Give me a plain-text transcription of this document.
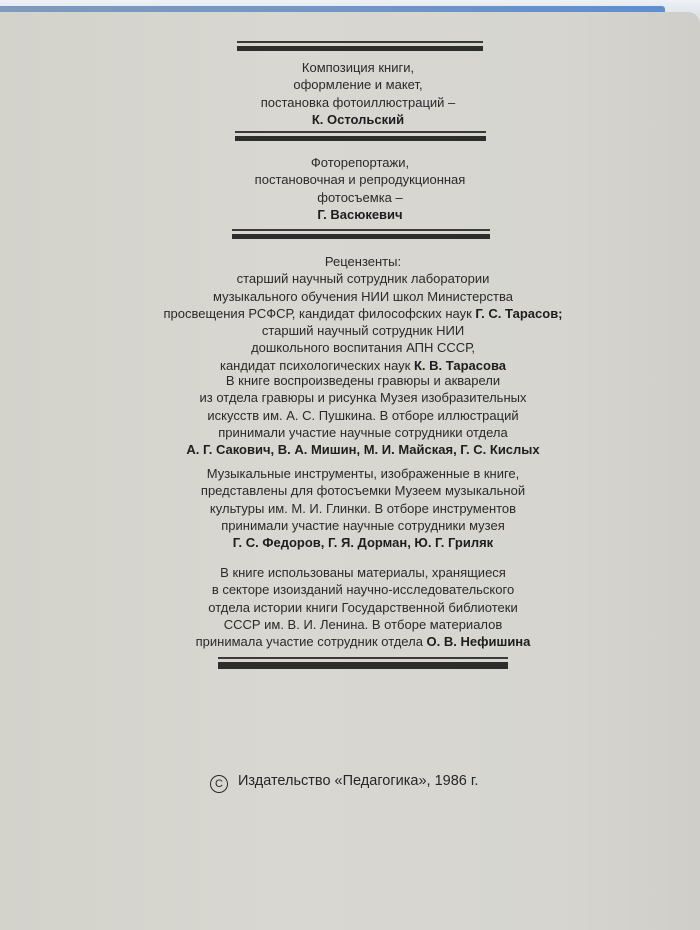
Композиция книги,
оформление и макет,
постановка фотоиллюстраций –
К. Остольский
Фоторепортажи,
постановочная и репродукционная
фотосъемка –
Г. Васюкевич
Рецензенты:
старший научный сотрудник лаборатории
музыкального обучения НИИ школ Министерства
просвещения РСФСР, кандидат философских наук Г. С. Тарасов;
старший научный сотрудник НИИ
дошкольного воспитания АПН СССР,
кандидат психологических наук К. В. Тарасова
В книге воспроизведены гравюры и акварели
из отдела гравюры и рисунка Музея изобразительных
искусств им. А. С. Пушкина. В отборе иллюстраций
принимали участие научные сотрудники отдела
А. Г. Сакович, В. А. Мишин, М. И. Майская, Г. С. Кислых
Музыкальные инструменты, изображенные в книге,
представлены для фотосъемки Музеем музыкальной
культуры им. М. И. Глинки. В отборе инструментов
принимали участие научные сотрудники музея
Г. С. Федоров, Г. Я. Дорман, Ю. Г. Гриляк
В книге использованы материалы, хранящиеся
в секторе изоизданий научно-исследовательского
отдела истории книги Государственной библиотеки
СССР им. В. И. Ленина. В отборе материалов
принимала участие сотрудник отдела О. В. Нефишина
C Издательство «Педагогика», 1986 г.
